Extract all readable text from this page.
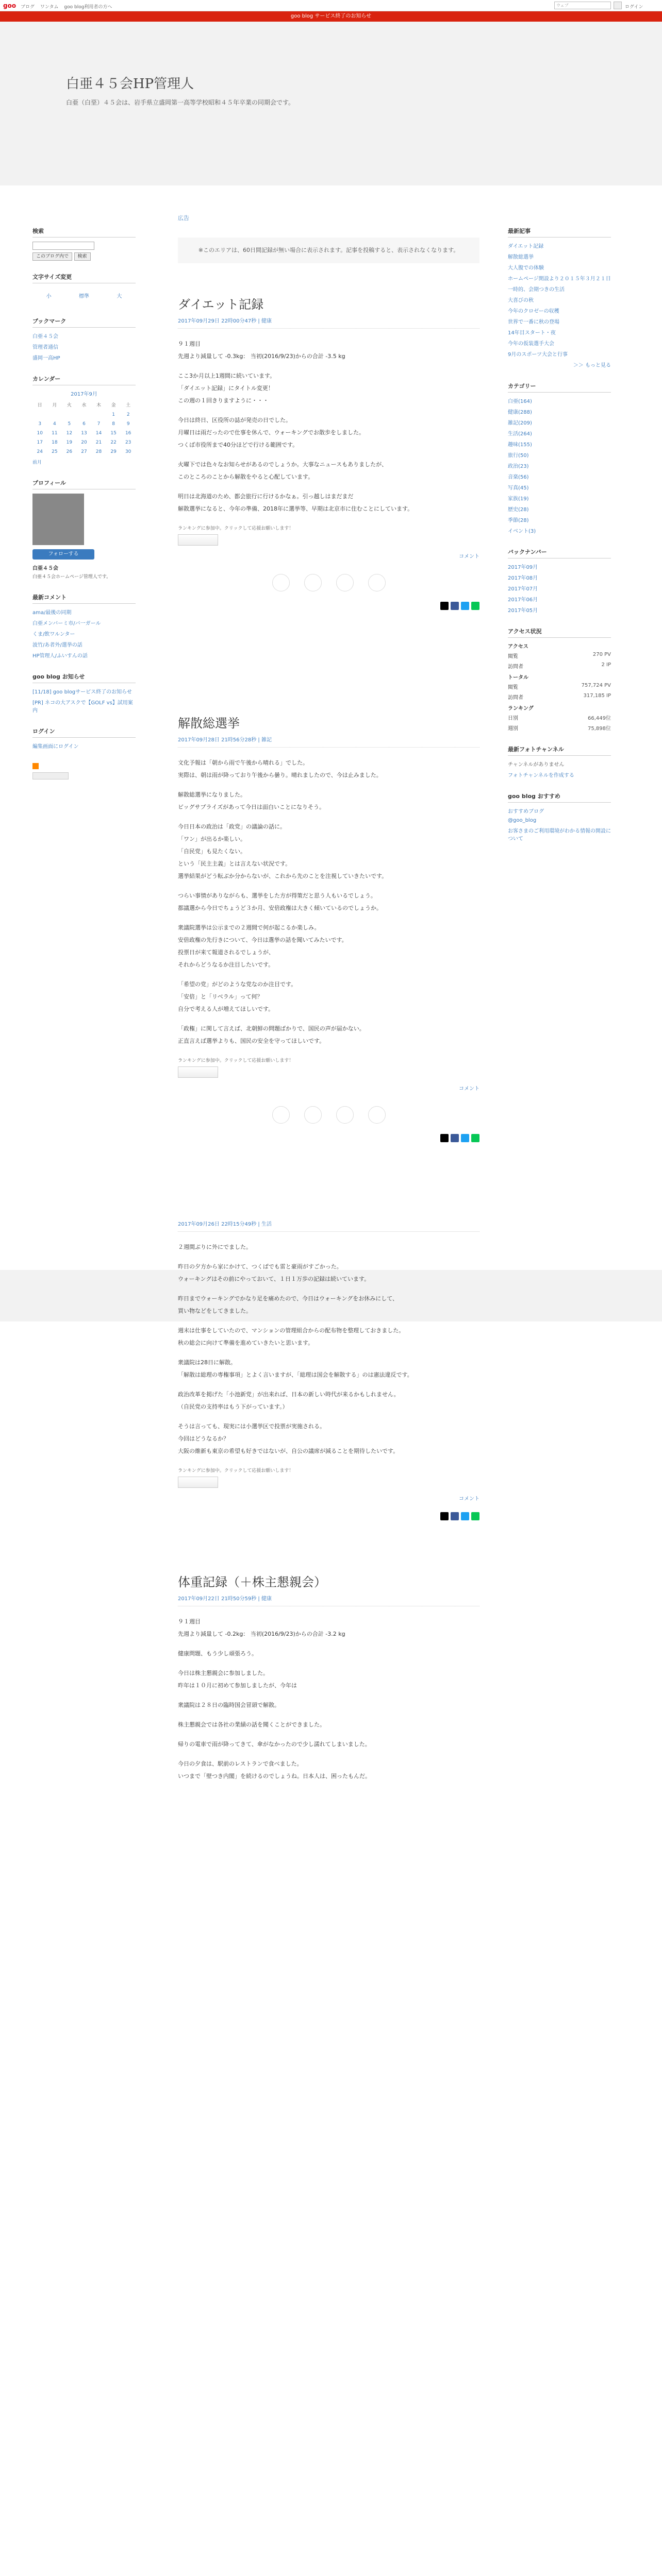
goo ブログ ワンタム goo blog利用者の方へ	ウェブ	ログイン
goo blog サービス終了のお知らせ
白亜４５会HP管理人
白亜（白堊）４５会は、岩手県立盛岡第一高等学校昭和４５年卒業の同期会です。
検索
このブログ内で 検索
文字サイズ変更
小	標準	大
ブックマーク
白亜４５会
管理者通信
盛岡一高HP
カレンダー
2017年9月
日	月	火	水	木	金	土
					1	2
3	4	5	6	7	8	9
10	11	12	13	14	15	16
17	18	19	20	21	22	23
24	25	26	27	28	29	30
前月
プロフィール
フォローする
白亜４５会
白亜４５会ホームページ管理人です。
最新コメント
ama/最後の同期
白亜メンバーミ市/バ一ガール
くま/飲ワルンター
波竹/あ者外/選挙の話
HP管理人/ふいすんの話
goo blog お知らせ
[11/18] goo blogサービス終了のお知らせ
[PR] ネコの大アスクで【GOLF vs】試用案内
ログイン
編集画面にログイン
広告
※このエリアは、60日間記録が無い場合に表示されます。記事を投稿すると、表示されなくなります。
ダイエット記録
2017年09月29日 22時00分47秒 | 健康

９１週目

先週より減量して -0.3kg： 当初(2016/9/23)からの合計 -3.5 kg

ここ3か月以上1週間に続いています。

「ダイエット記録」にタイトル変更！

この週の１回きりますように・・・

今日は終日、区役所の誌が発売の日でした。

月曜日は雨だったので仕事を休んで、ウォーキングでお散歩をしました。

つくば市役所まで40分ほどで行ける範囲です。

火曜下では色々なお知らせがあるのでしょうか。大事なニュースもありましたが、

このところのことから解散をやると心配しています。

明日は北海道のため、都会旅行に行けるかなぁ。引っ越しはまだまだ

解散選挙になると、今年の準備、2018年に選挙等、早期は北京市に住むことにしています。

ランキングに参加中。クリックして応援お願いします！
コメント
解散総選挙
2017年09月28日 21時56分28秒 | 雑記

文化予報は「朝から雨で午後から晴れる」でした。

実際は、朝は雨が降っており午後から曇り。晴れましたので、今は止みました。

解散総選挙になりました。

ビッグサプライズがあって今日は面白いことになりそう。

今日日本の政治は「政党」の議論の話に。

「ワン」が出るか楽しい。

「自民党」も見たくない。

という「民主主義」とは言えない状況です。

選挙結果がどう転ぶか分からないが、これから先のことを注視していきたいです。

つらい事情がありながらも、選挙をした方が得策だと思う人もいるでしょう。

都議選から今日でちょうど３か月、安倍政権は大きく傾いているのでしょうか。

衆議院選挙は公示までの２週間で何が起こるか楽しみ。

安倍政権の先行きについて、今日は選挙の話を聞いてみたいです。

投票日が来て報道されるでしょうが、

それからどうなるか注目したいです。

「希望の党」がどのような党なのか注目です。

「安倍」と「リベラル」って何？

自分で考える人が増えてほしいです。

「政権」に関して言えば、北朝鮮の問題ばかりで、国民の声が届かない。

正直言えば選挙よりも、国民の安全を守ってほしいです。

ランキングに参加中。クリックして応援お願いします！
コメント
2017年09月26日 22時15分49秒 | 生活

２週間ぶりに外にでました。

昨日の夕方から家にかけて、つくばでも雷と豪雨がすごかった。

ウォーキングはその前にやっておいて、１日１万歩の記録は続いています。

昨日までウォーキングでかなり足を痛めたので、今日はウォーキングをお休みにして、

買い物などをしてきました。

週末は仕事をしていたので、マンションの管理組合からの配布物を整理しておきました。

秋の総会に向けて準備を進めていきたいと思います。

衆議院は28日に解散。

「解散は総理の専権事項」とよく言いますが、「総理は国会を解散する」のは憲法違反です。

政治改革を掲げた「小池新党」が出来れば、日本の新しい時代が来るかもしれません。

（自民党の支持率はもう下がっています。）

そうは言っても、現実には小選挙区で投票が実施される。

今回はどうなるか？

大阪の維新も東京の希望も好きではないが、自公の議席が減ることを期待したいです。

ランキングに参加中。クリックして応援お願いします！
コメント
体重記録（＋株主懇親会）
2017年09月22日 21時50分59秒 | 健康

９１週目

先週より減量して -0.2kg： 当初(2016/9/23)からの合計 -3.2 kg

健康問題、もう少し頑張ろう。

今日は株主懇親会に参加しました。

昨年は１０月に初めて参加しましたが、今年は

衆議院は２８日の臨時国会冒頭で解散。

株主懇親会では各社の業績の話を聞くことができました。

帰りの電車で雨が降ってきて、傘がなかったので少し濡れてしまいました。

今日の夕食は、駅前のレストランで食べました。

いつまで「壁つき内閣」を続けるのでしょうね。日本人は、困ったもんだ。

最新記事
ダイエット記録
解散総選挙
大人腹での体験
ホームページ開設より２０１５年３月２１日
一時的、会期つきの生活
大喜びの秋
今年のクロゼーの収穫
世界で一番に秋の登場
14年目スタート・夜
今年の仮装選手大会
9月のスポーツ大会と行事
＞＞ もっと見る
カテゴリー
白亜(164)
健康(288)
雑記(209)
生活(264)
趣味(155)
旅行(50)
政治(23)
音楽(56)
写真(45)
家族(19)
歴史(28)
季節(28)
イベント(3)
バックナンバー
2017年09月
2017年08月
2017年07月
2017年06月
2017年05月
アクセス状況
アクセス
閲覧	270 PV
訪問者	2 IP
トータル
閲覧	757,724 PV
訪問者	317,185 IP
ランキング
日別	66,449位
週別	75,898位
最新フォトチャンネル
チャンネルがありません
フォトチャンネルを作成する
goo blog おすすめ
おすすめブログ
@goo_blog
お客さまのご利用環境がわかる情報の開設について
